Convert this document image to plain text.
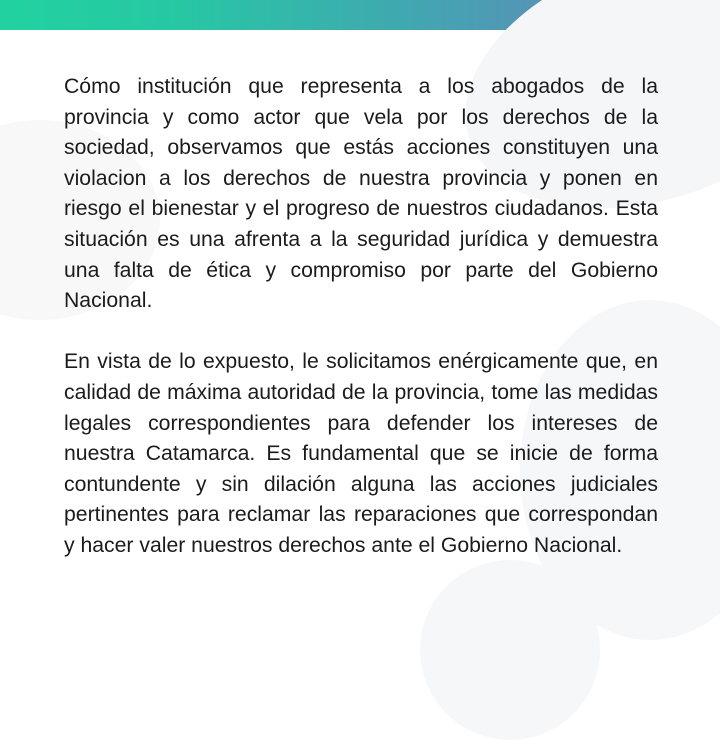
Cómo institución que representa a los abogados de la provincia y como actor que vela por los derechos de la sociedad, observamos que estás acciones constituyen una violacion a los derechos de nuestra provincia y ponen en riesgo el bienestar y el progreso de nuestros ciudadanos. Esta situación es una afrenta a la seguridad jurídica y demuestra una falta de ética y compromiso por parte del Gobierno Nacional.

En vista de lo expuesto, le solicitamos enérgicamente que, en calidad de máxima autoridad de la provincia, tome las medidas legales correspondientes para defender los intereses de nuestra Catamarca. Es fundamental que se inicie de forma contundente y sin dilación alguna las acciones judiciales pertinentes para reclamar las reparaciones que correspondan y hacer valer nuestros derechos ante el Gobierno Nacional.
